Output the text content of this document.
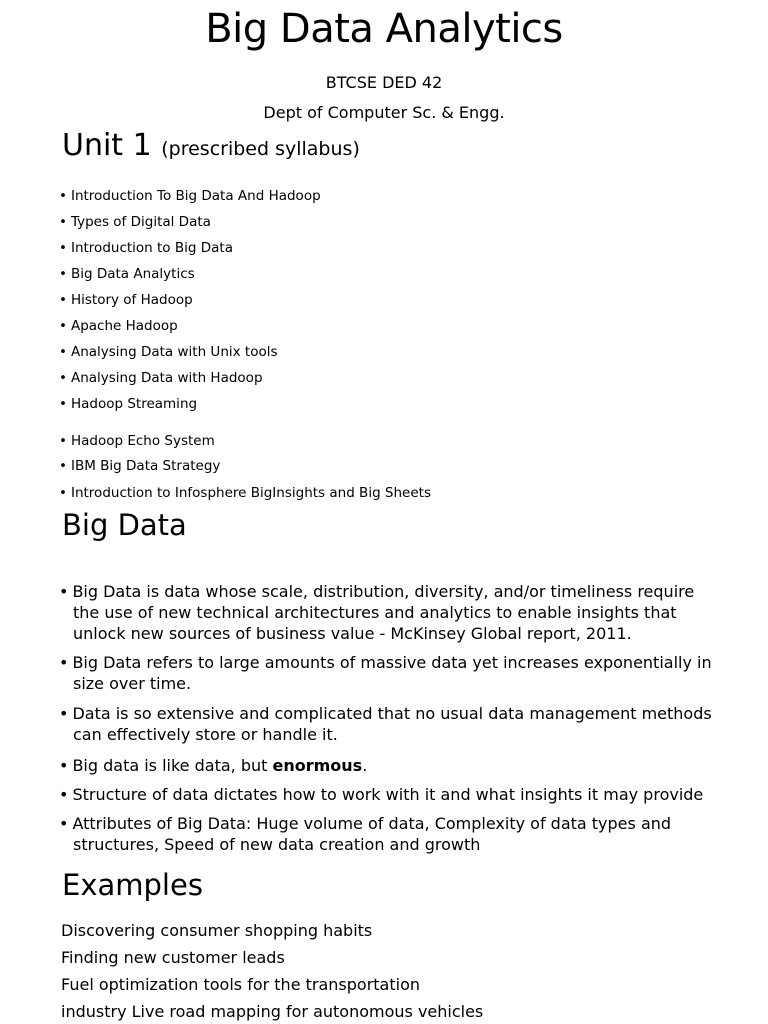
Big Data Analytics
BTCSE DED 42
Dept of Computer Sc. & Engg.
Unit 1 (prescribed syllabus)
• Introduction To Big Data And Hadoop
• Types of Digital Data
• Introduction to Big Data
• Big Data Analytics
• History of Hadoop
• Apache Hadoop
• Analysing Data with Unix tools
• Analysing Data with Hadoop
• Hadoop Streaming
• Hadoop Echo System
• IBM Big Data Strategy
• Introduction to Infosphere BigInsights and Big Sheets
Big Data
• Big Data is data whose scale, distribution, diversity, and/or timeliness require the use of new technical architectures and analytics to enable insights that unlock new sources of business value - McKinsey Global report, 2011.
• Big Data refers to large amounts of massive data yet increases exponentially in size over time.
• Data is so extensive and complicated that no usual data management methods can effectively store or handle it.
• Big data is like data, but enormous.
• Structure of data dictates how to work with it and what insights it may provide
• Attributes of Big Data: Huge volume of data, Complexity of data types and structures, Speed of new data creation and growth
Examples
Discovering consumer shopping habits
Finding new customer leads
Fuel optimization tools for the transportation
industry Live road mapping for autonomous vehicles
